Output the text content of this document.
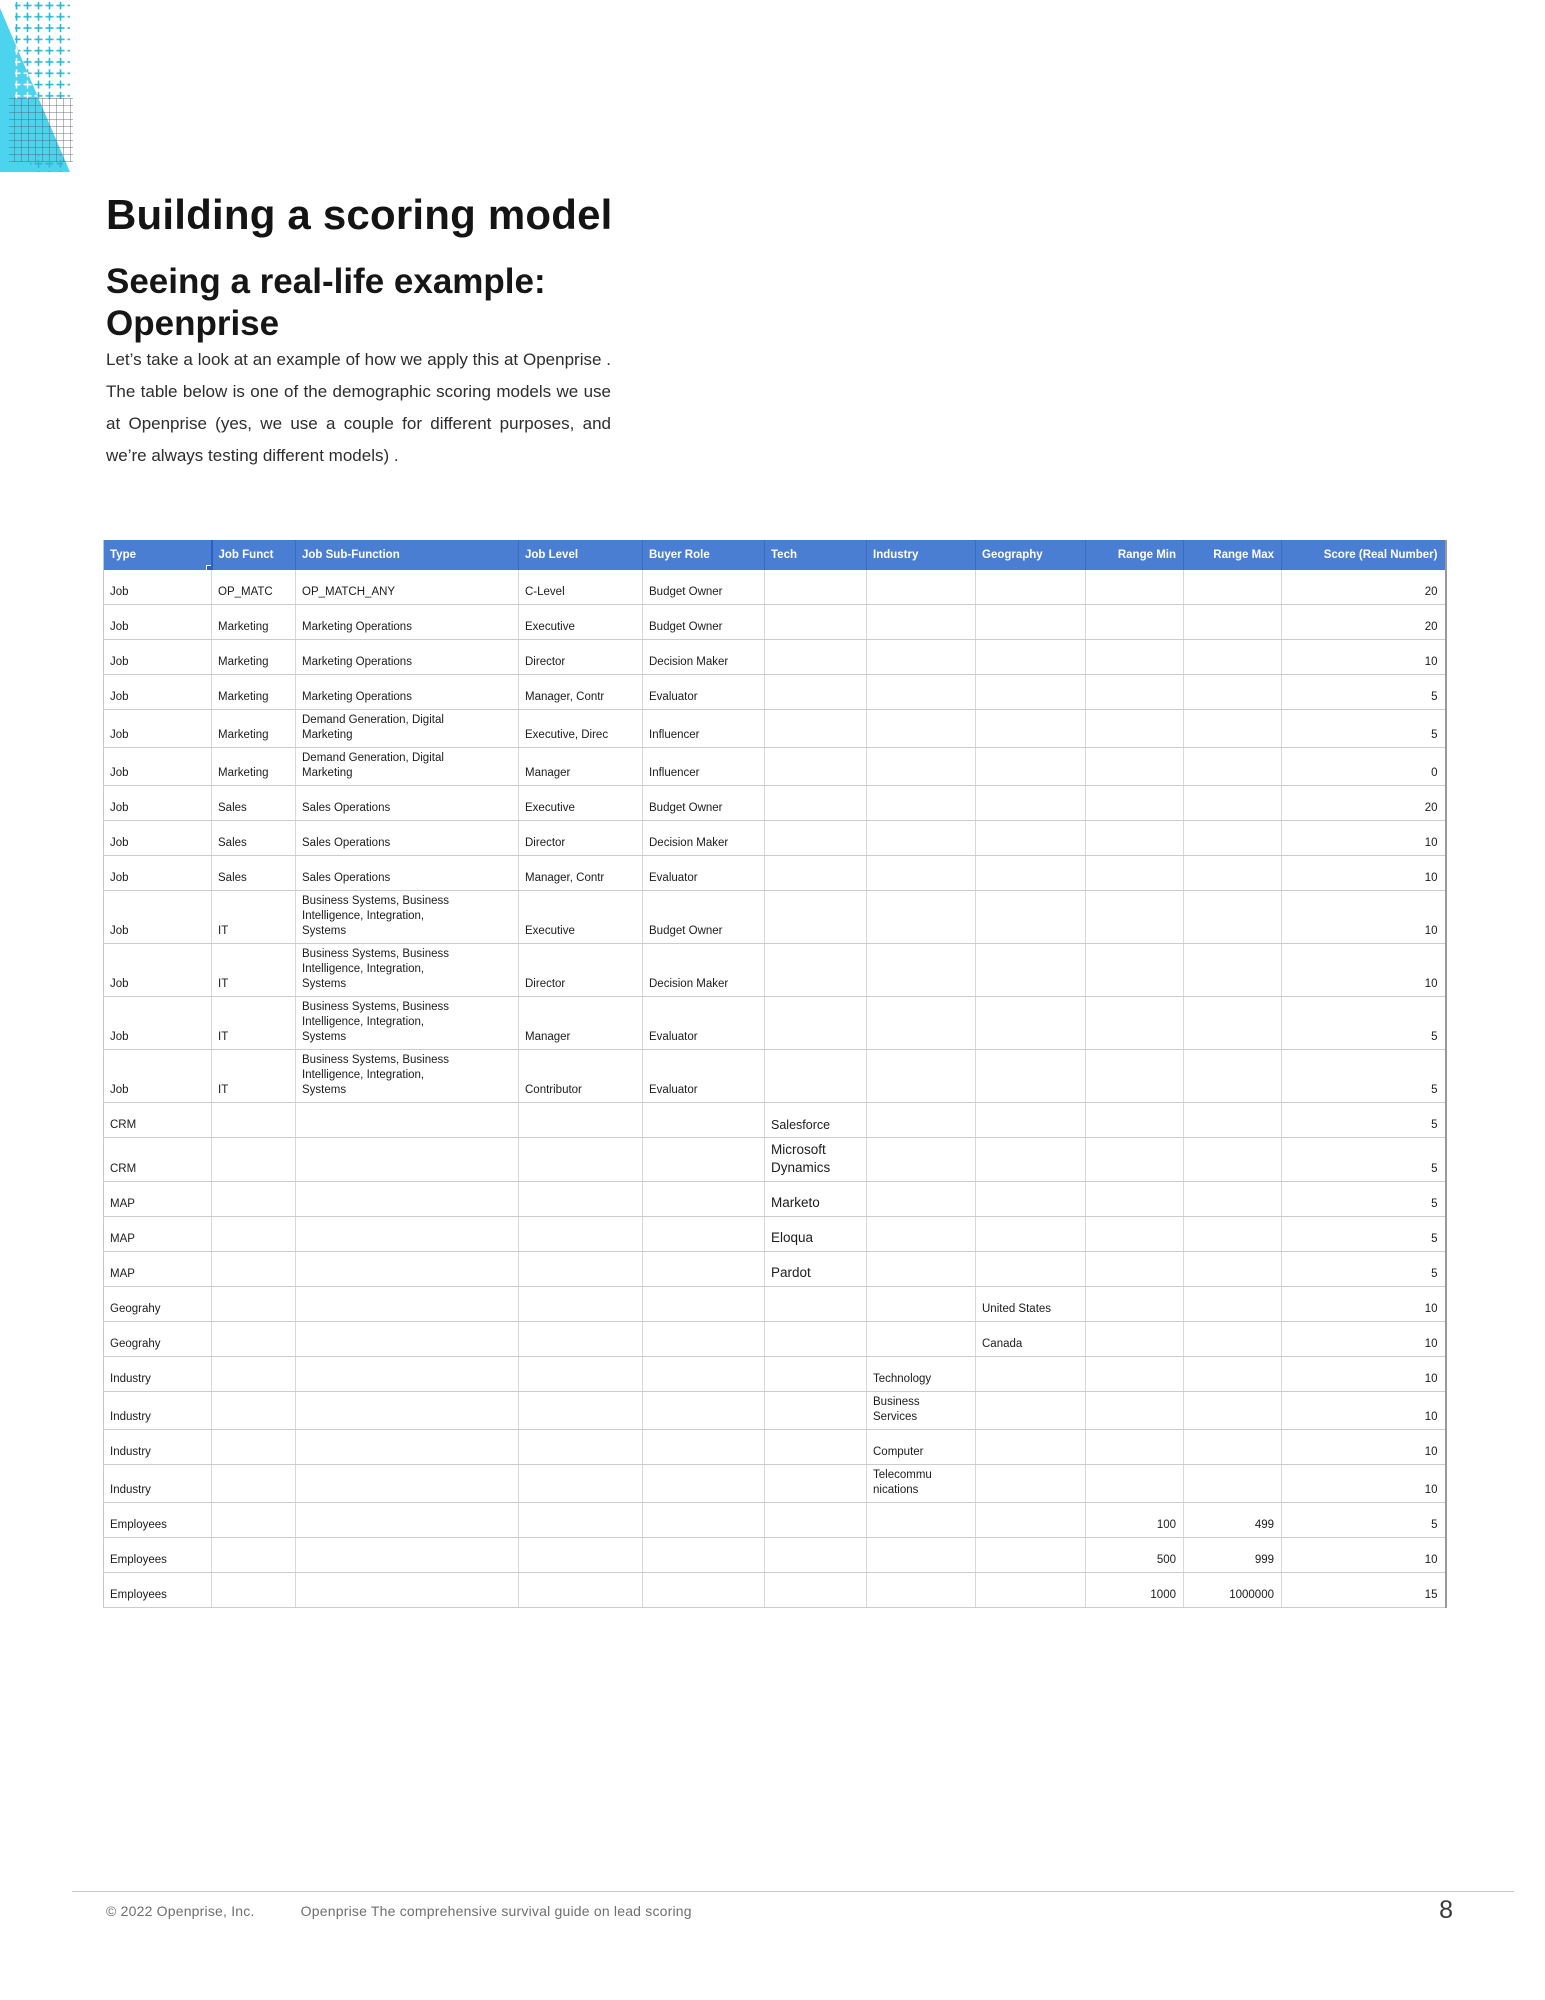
Building a scoring model
Seeing a real-life example: Openprise

Let’s take a look at an example of how we apply this at Openprise . The table below is one of the demographic scoring models we use at Openprise (yes, we use a couple for different purposes, and we’re always testing different models) .

Type	Job Funct	Job Sub-Function	Job Level	Buyer Role	Tech	Industry	Geography	Range Min	Range Max	Score (Real Number)
Job	OP_MATC	OP_MATCH_ANY	C-Level	Budget Owner						20
Job	Marketing	Marketing Operations	Executive	Budget Owner						20
Job	Marketing	Marketing Operations	Director	Decision Maker						10
Job	Marketing	Marketing Operations	Manager, Contr	Evaluator						5
Job	Marketing	Demand Generation, Digital Marketing	Executive, Direc	Influencer						5
Job	Marketing	Demand Generation, Digital Marketing	Manager	Influencer						0
Job	Sales	Sales Operations	Executive	Budget Owner						20
Job	Sales	Sales Operations	Director	Decision Maker						10
Job	Sales	Sales Operations	Manager, Contr	Evaluator						10
Job	IT	Business Systems, Business Intelligence, Integration, Systems	Executive	Budget Owner						10
Job	IT	Business Systems, Business Intelligence, Integration, Systems	Director	Decision Maker						10
Job	IT	Business Systems, Business Intelligence, Integration, Systems	Manager	Evaluator						5
Job	IT	Business Systems, Business Intelligence, Integration, Systems	Contributor	Evaluator						5
CRM					Salesforce					5
CRM					Microsoft Dynamics					5
MAP					Marketo					5
MAP					Eloqua					5
MAP					Pardot					5
Geograhy							United States			10
Geograhy							Canada			10
Industry						Technology				10
Industry						Business Services				10
Industry						Computer				10
Industry						Telecommunications				10
Employees								100	499	5
Employees								500	999	10
Employees								1000	1000000	15
© 2022 Openprise, Inc.	Openprise The comprehensive survival guide on lead scoring	8
